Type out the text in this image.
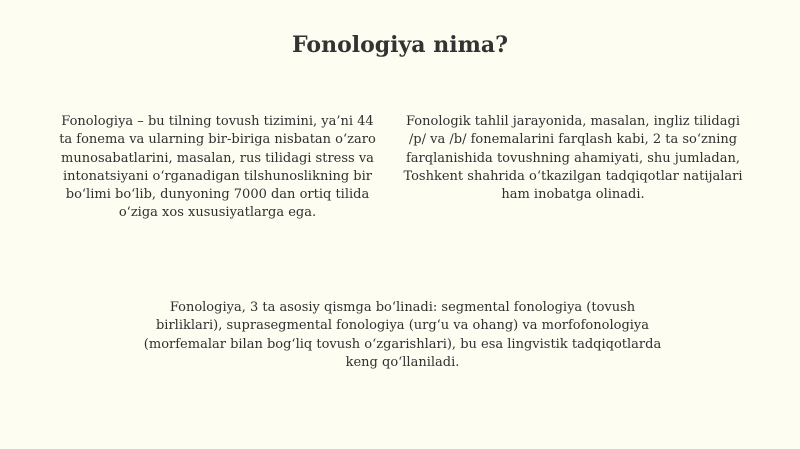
Fonologiya nima?

Fonologiya – bu tilning tovush tizimini, ya’ni 44 ta fonema va ularning bir-biriga nisbatan o‘zaro munosabatlarini, masalan, rus tilidagi stress va intonatsiyani o‘rganadigan tilshunoslikning bir bo‘limi bo‘lib, dunyoning 7000 dan ortiq tilida o‘ziga xos xususiyatlarga ega.

Fonologik tahlil jarayonida, masalan, ingliz tilidagi /p/ va /b/ fonemalarini farqlash kabi, 2 ta so‘zning farqlanishida tovushning ahamiyati, shu jumladan, Toshkent shahrida o‘tkazilgan tadqiqotlar natijalari ham inobatga olinadi.

Fonologiya, 3 ta asosiy qismga bo‘linadi: segmental fonologiya (tovush birliklari), suprasegmental fonologiya (urg‘u va ohang) va morfofonologiya (morfemalar bilan bog‘liq tovush o‘zgarishlari), bu esa lingvistik tadqiqotlarda keng qo‘llaniladi.
